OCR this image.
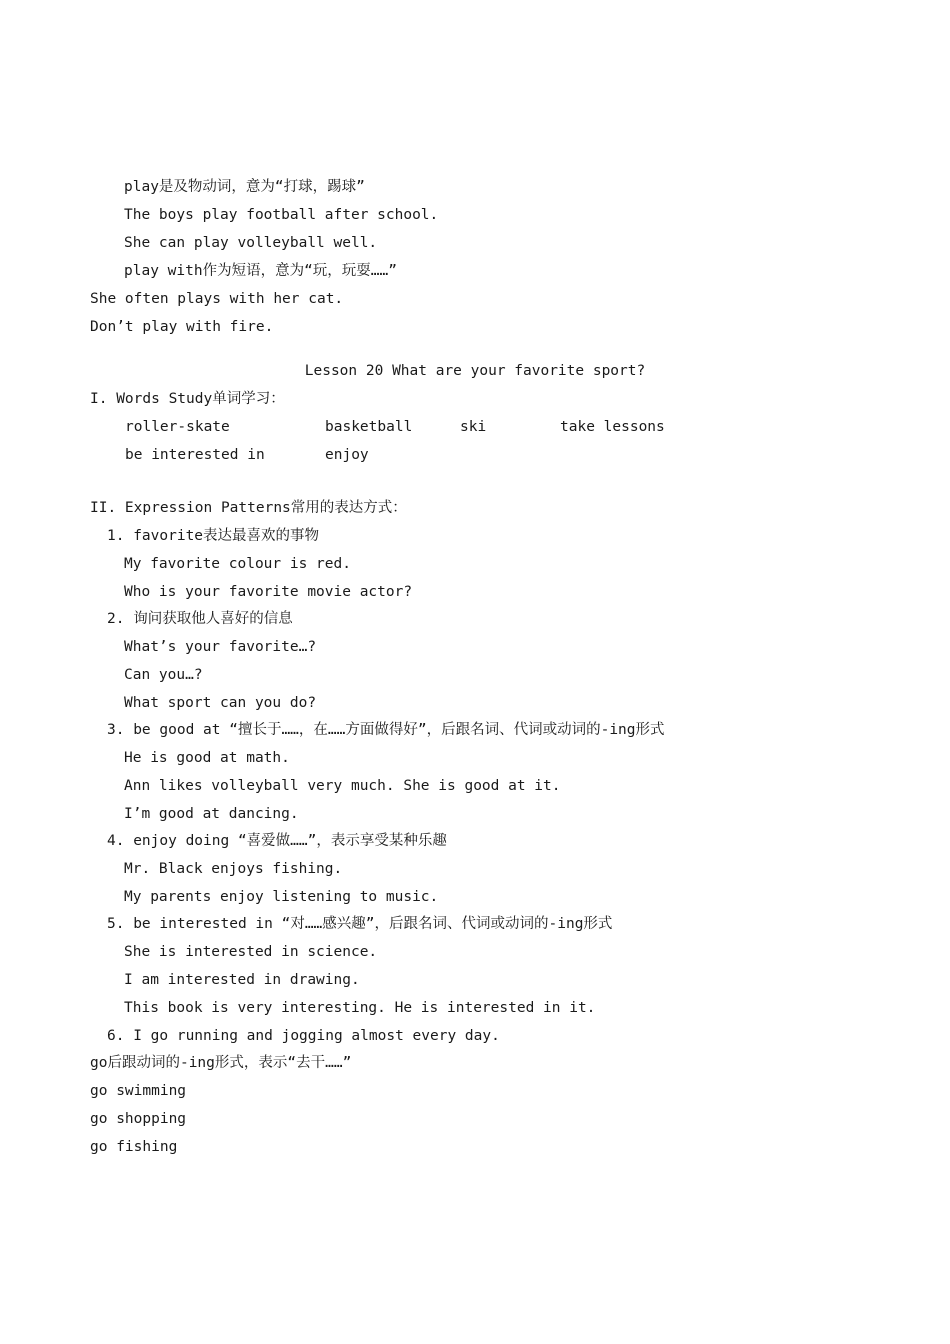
play是及物动词，意为“打球，踢球”
The boys play football after school.
She can play volleyball well.
play with作为短语，意为“玩，玩耍……”
She often plays with her cat.
Don’t play with fire.
Lesson 20 What are your favorite sport?
I. Words Study单词学习：
roller-skate	basketball	ski	take lessons
be interested in	enjoy
II. Expression Patterns常用的表达方式：
1. favorite表达最喜欢的事物
My favorite colour is red.
Who is your favorite movie actor?
2. 询问获取他人喜好的信息
What’s your favorite…?
Can you…?
What sport can you do?
3. be good at “擅长于……，在……方面做得好”，后跟名词、代词或动词的-ing形式
He is good at math.
Ann likes volleyball very much. She is good at it.
I’m good at dancing.
4. enjoy doing “喜爱做……”，表示享受某种乐趣
Mr. Black enjoys fishing.
My parents enjoy listening to music.
5. be interested in “对……感兴趣”，后跟名词、代词或动词的-ing形式
She is interested in science.
I am interested in drawing.
This book is very interesting. He is interested in it.
6. I go running and jogging almost every day.
go后跟动词的-ing形式，表示“去干……”
go swimming
go shopping
go fishing
